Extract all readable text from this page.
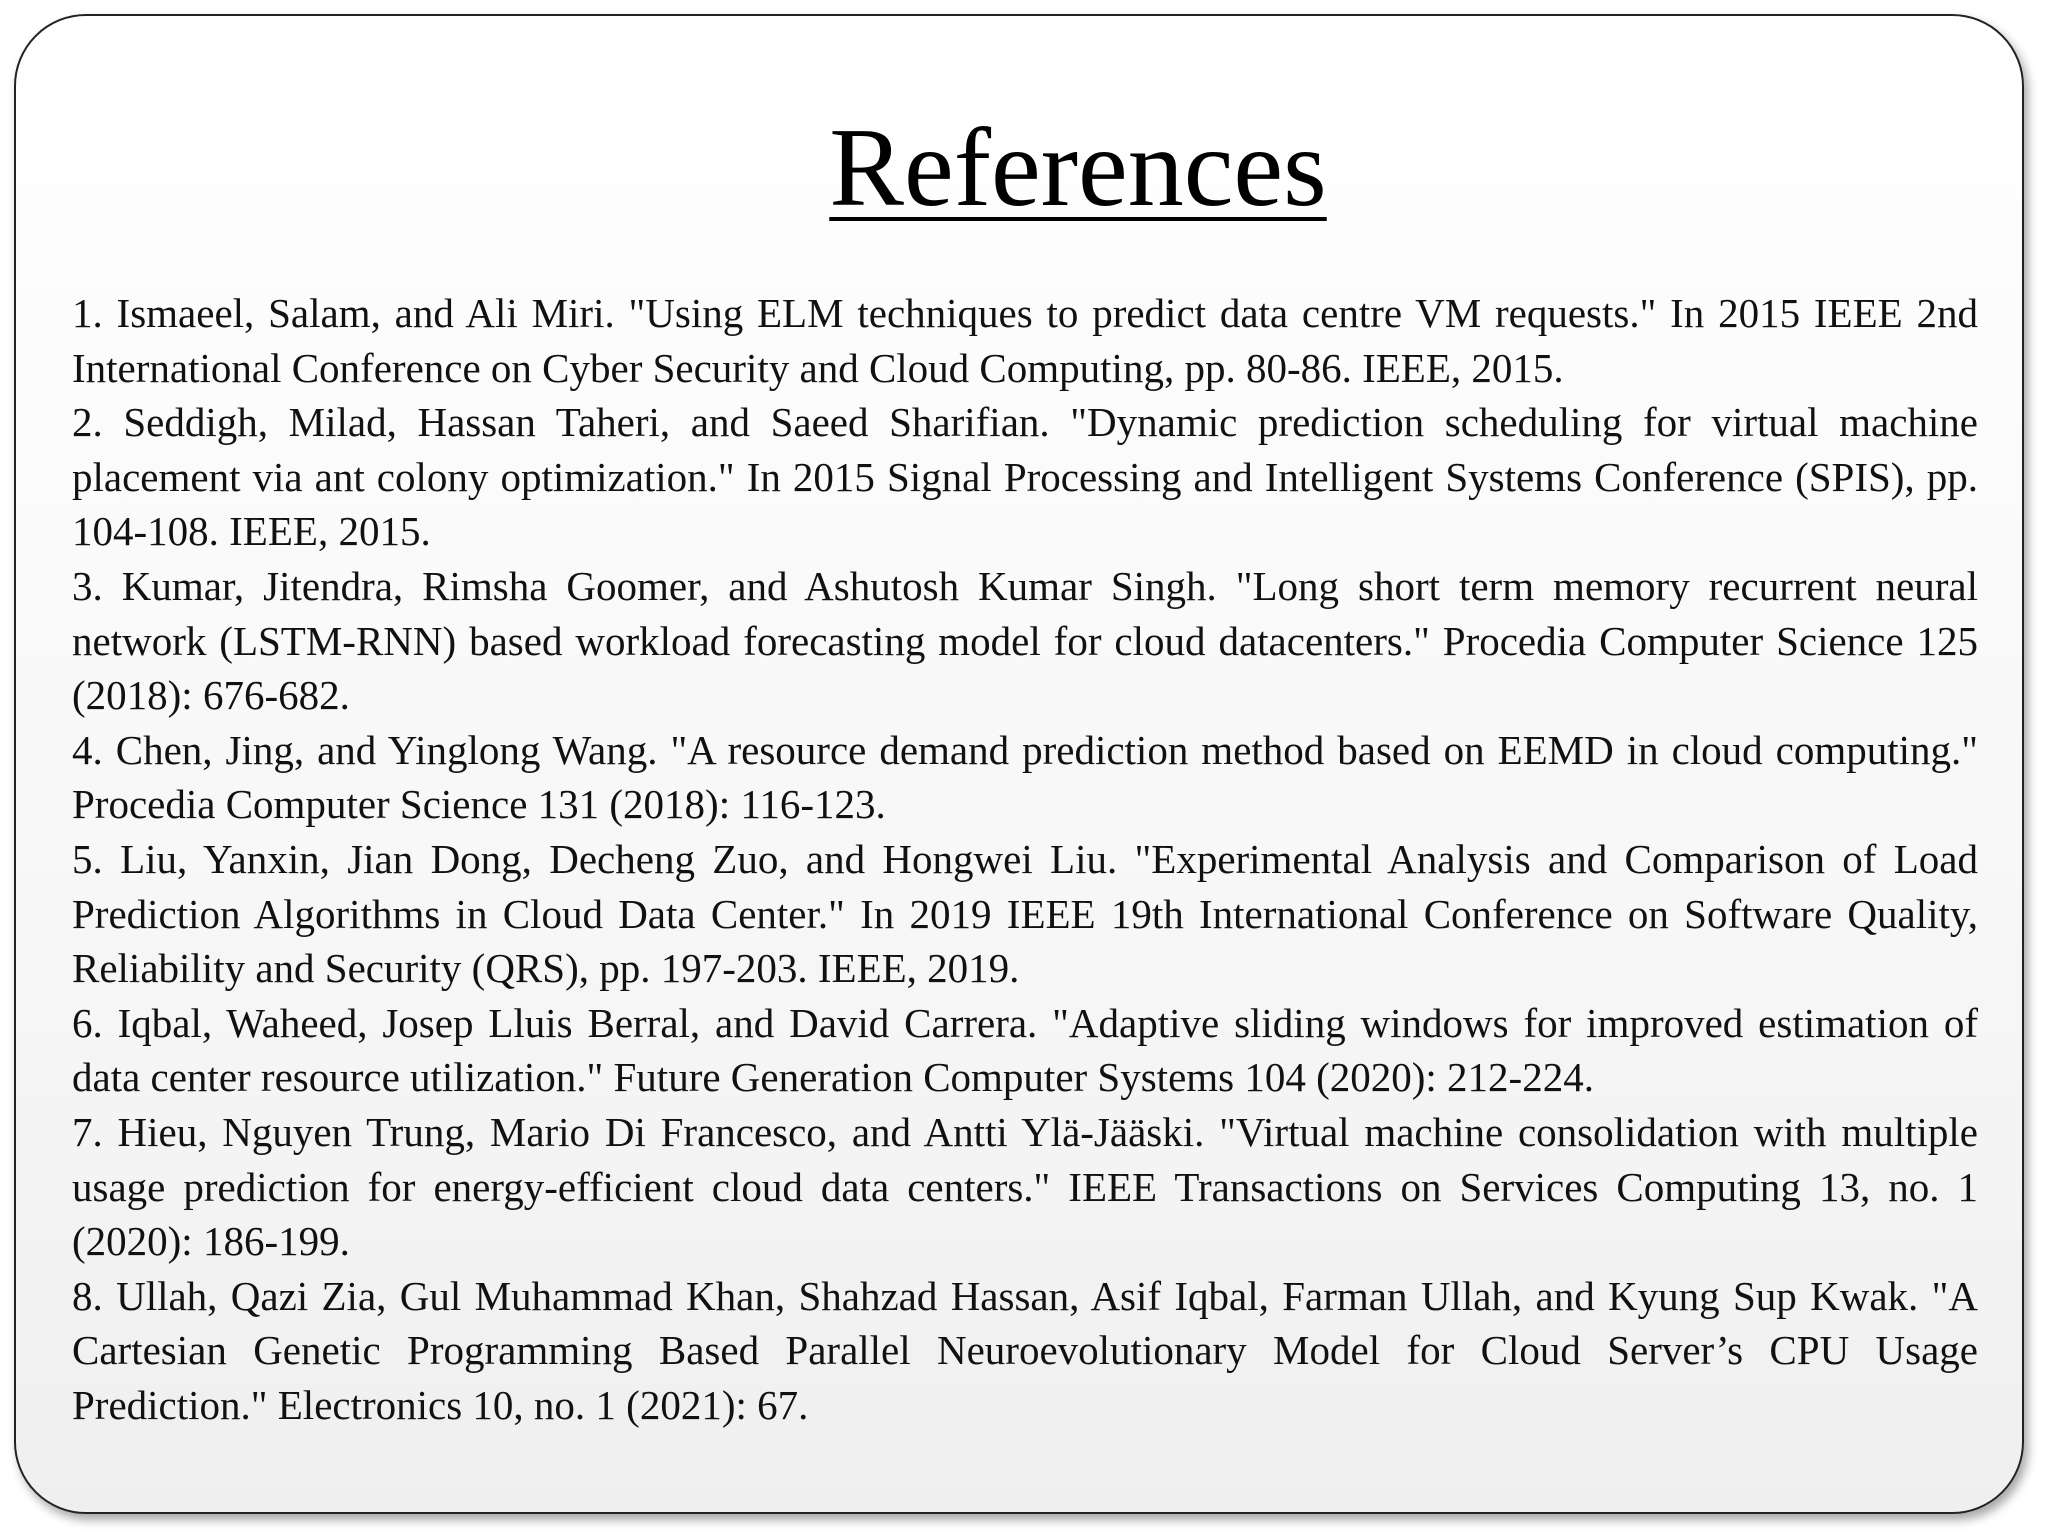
References
1. Ismaeel, Salam, and Ali Miri. "Using ELM techniques to predict data centre VM requests." In 2015 IEEE 2nd International Conference on Cyber Security and Cloud Computing, pp. 80-86. IEEE, 2015.
2. Seddigh, Milad, Hassan Taheri, and Saeed Sharifian. "Dynamic prediction scheduling for virtual machine placement via ant colony optimization." In 2015 Signal Processing and Intelligent Systems Conference (SPIS), pp. 104-108. IEEE, 2015.
3. Kumar, Jitendra, Rimsha Goomer, and Ashutosh Kumar Singh. "Long short term memory recurrent neural network (LSTM-RNN) based workload forecasting model for cloud datacenters." Procedia Computer Science 125 (2018): 676-682.
4. Chen, Jing, and Yinglong Wang. "A resource demand prediction method based on EEMD in cloud computing." Procedia Computer Science 131 (2018): 116-123.
5. Liu, Yanxin, Jian Dong, Decheng Zuo, and Hongwei Liu. "Experimental Analysis and Comparison of Load Prediction Algorithms in Cloud Data Center." In 2019 IEEE 19th International Conference on Software Quality, Reliability and Security (QRS), pp. 197-203. IEEE, 2019.
6. Iqbal, Waheed, Josep Lluis Berral, and David Carrera. "Adaptive sliding windows for improved estimation of data center resource utilization." Future Generation Computer Systems 104 (2020): 212-224.
7. Hieu, Nguyen Trung, Mario Di Francesco, and Antti Ylä-Jääski. "Virtual machine consolidation with multiple usage prediction for energy-efficient cloud data centers." IEEE Transactions on Services Computing 13, no. 1 (2020): 186-199.
8. Ullah, Qazi Zia, Gul Muhammad Khan, Shahzad Hassan, Asif Iqbal, Farman Ullah, and Kyung Sup Kwak. "A Cartesian Genetic Programming Based Parallel Neuroevolutionary Model for Cloud Server’s CPU Usage Prediction." Electronics 10, no. 1 (2021): 67.
